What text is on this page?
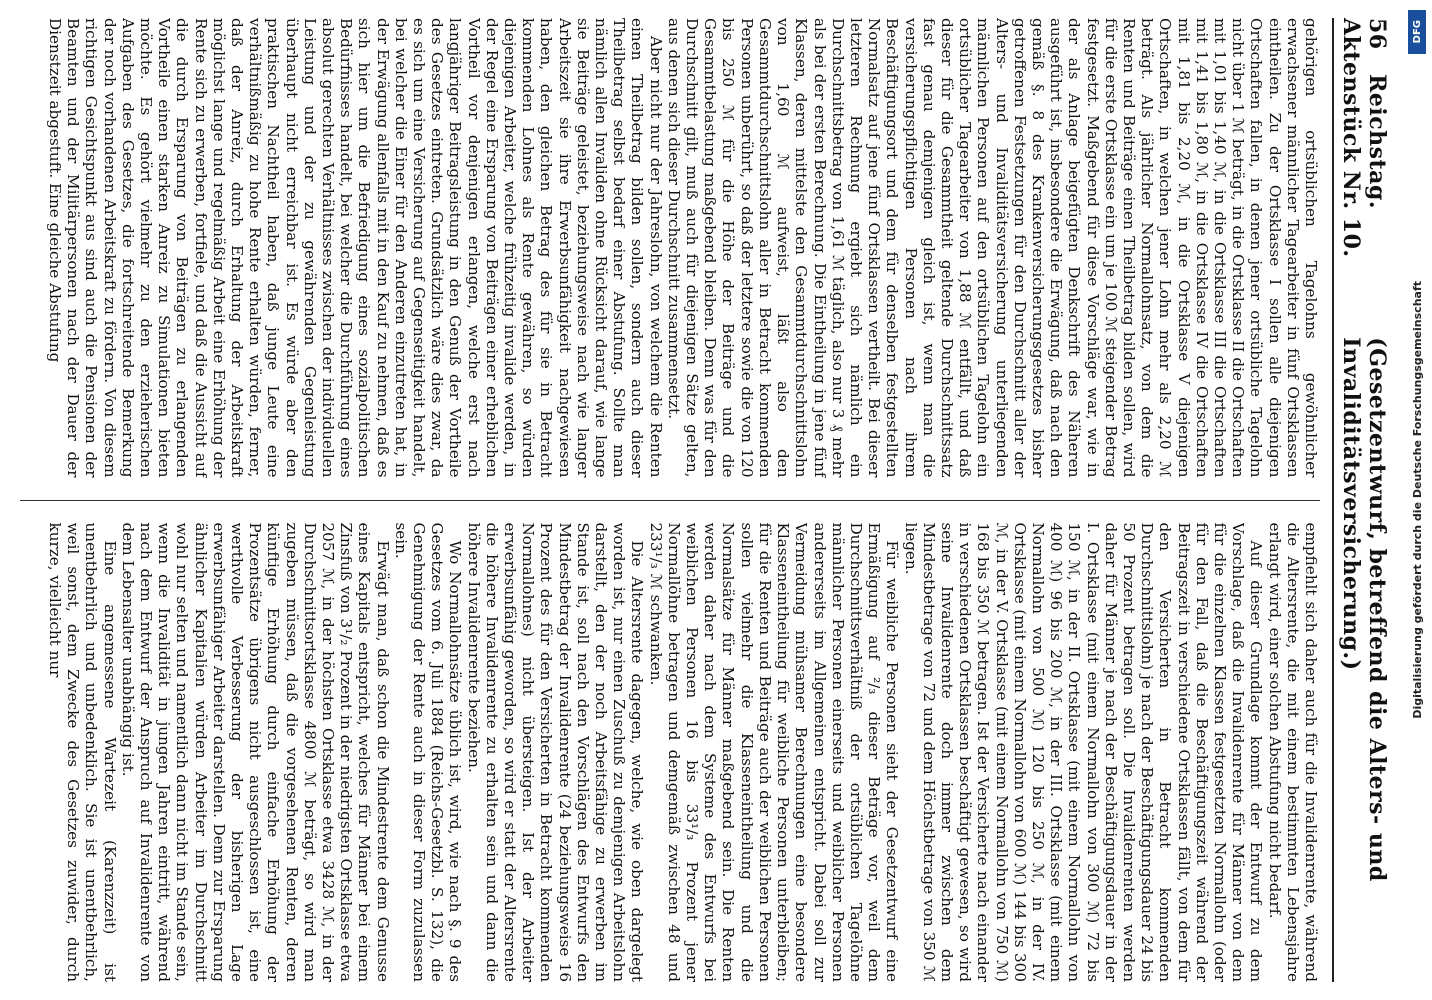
56   Reichstag. Aktenstück Nr. 10.
(Gesetzentwurf, betreffend die Alters- und Invaliditätsversicherung.)

gehörigen ortsüblichen Tagelohns gewöhnlicher erwachsener männlicher Tagearbeiter in fünf Ortsklassen eintheilen. Zu der Ortsklasse I sollen alle diejenigen Ortschaften fallen, in denen jener ortsübliche Tagelohn nicht über 1 ℳ beträgt, in die Ortsklasse II die Ortschaften mit 1,01 bis 1,40 ℳ, in die Ortsklasse III die Ortschaften mit 1,41 bis 1,80 ℳ, in die Ortsklasse IV die Ortschaften mit 1,81 bis 2,20 ℳ, in die Ortsklasse V diejenigen Ortschaften, in welchen jener Lohn mehr als 2,20 ℳ beträgt. Als jährlicher Normallohnsatz, von dem die Renten und Beiträge einen Theilbetrag bilden sollen, wird für die erste Ortsklasse ein um je 100 ℳ steigender Betrag festgesetzt. Maßgebend für diese Vorschläge war, wie in der als Anlage beigefügten Denkschrift des Näheren ausgeführt ist, insbesondere die Erwägung, daß nach den gemäß §. 8 des Krankenversicherungsgesetzes bisher getroffenen Festsetzungen für den Durchschnitt aller der Alters- und Invaliditätsversicherung unterliegenden männlichen Personen auf den ortsüblichen Tagelohn ein ortsüblicher Tagearbeiter von 1,88 ℳ entfällt, und daß dieser für die Gesammtheit geltende Durchschnittssatz fast genau demjenigen gleich ist, wenn man die versicherungspflichtigen Personen nach ihrem Beschäftigungsort und dem für denselben festgestellten Normalsatz auf jene fünf Ortsklassen vertheilt. Bei dieser letzteren Rechnung ergiebt sich nämlich ein Durchschnittsbetrag von 1,61 ℳ täglich, also nur 3 ₰ mehr als bei der ersten Berechnung. Die Eintheilung in jene fünf Klassen, deren mittelste den Gesammtdurchschnittslohn von 1,60 ℳ aufweist, läßt also den Gesammtdurchschnittslohn aller in Betracht kommenden Personen unberührt, so daß der letztere sowie die von 120 bis 250 ℳ für die Höhe der Beiträge und die Gesammtbelastung maßgebend bleiben. Denn was für den Durchschnitt gilt, muß auch für diejenigen Sätze gelten, aus denen sich dieser Durchschnitt zusammensetzt.

Aber nicht nur der Jahreslohn, von welchem die Renten einen Theilbetrag bilden sollen, sondern auch dieser Theilbetrag selbst bedarf einer Abstufung. Sollte man nämlich allen Invaliden ohne Rücksicht darauf, wie lange sie Beiträge geleistet, beziehungsweise nach wie langer Arbeitszeit sie ihre Erwerbsunfähigkeit nachgewiesen haben, den gleichen Betrag des für sie in Betracht kommenden Lohnes als Rente gewähren, so würden diejenigen Arbeiter, welche frühzeitig invalide werden, in der Regel eine Ersparung von Beiträgen einer erheblichen Vortheil vor denjenigen erlangen, welche erst nach langjähriger Beitragsleistung in den Genuß der Vortheile des Gesetzes eintreten. Grundsätzlich wäre dies zwar, da es sich um eine Versicherung auf Gegenseitigkeit handelt, bei welcher die Einer für den Anderen einzutreten hat, in der Erwägung allenfalls mit in den Kauf zu nehmen, daß es sich hier um die Befriedigung eines sozialpolitischen Bedürfnisses handelt, bei welcher die Durchführung eines absolut gerechten Verhältnisses zwischen der individuellen Leistung und der zu gewährenden Gegenleistung überhaupt nicht erreichbar ist. Es würde aber den praktischen Nachtheil haben, daß junge Leute eine verhältnißmäßig zu hohe Rente erhalten würden, ferner, daß der Anreiz, durch Erhaltung der Arbeitskraft möglichst lange und regelmäßig Arbeit eine Erhöhung der Rente sich zu erwerben, fortfiele, und daß die Aussicht auf die durch Ersparung von Beiträgen zu erlangenden Vortheile einen starken Anreiz zu Simulationen bieten möchte. Es gehört vielmehr zu den erzieherischen Aufgaben des Gesetzes, die fortschreitende Bemerkung der noch vorhandenen Arbeitskraft zu fördern. Von diesem richtigen Gesichtspunkt aus sind auch die Pensionen der Beamten und der Militärpersonen nach der Dauer der Dienstzeit abgestuft. Eine gleiche Abstufung

empfiehlt sich daher auch für die Invalidenrente, während die Altersrente, die mit einem bestimmten Lebensjahre erlangt wird, einer solchen Abstufung nicht bedarf.

Auf dieser Grundlage kommt der Entwurf zu dem Vorschlage, daß die Invalidenrente für Männer von dem für die einzelnen Klassen festgesetzten Normallohn (oder für den Fall, daß die Beschäftigungszeit während der Beitragszeit in verschiedene Ortsklassen fällt, von dem für den Versicherten in Betracht kommenden Durchschnittslohn) je nach der Beschäftigungsdauer 24 bis 50 Prozent betragen soll. Die Invalidenrenten werden daher für Männer je nach der Beschäftigungsdauer in der I. Ortsklasse (mit einem Normallohn von 300 ℳ) 72 bis 150 ℳ, in der II. Ortsklasse (mit einem Normallohn von 400 ℳ) 96 bis 200 ℳ, in der III. Ortsklasse (mit einem Normallohn von 500 ℳ) 120 bis 250 ℳ, in der IV. Ortsklasse (mit einem Normallohn von 600 ℳ) 144 bis 300 ℳ, in der V. Ortsklasse (mit einem Normallohn von 750 ℳ) 168 bis 350 ℳ betragen. Ist der Versicherte nach einander in verschiedenen Ortsklassen beschäftigt gewesen, so wird seine Invalidenrente doch immer zwischen dem Mindestbetrage von 72 und dem Höchstbetrage von 350 ℳ liegen.

Für weibliche Personen sieht der Gesetzentwurf eine Ermäßigung auf ²/₃ dieser Beträge vor, weil dem Durchschnittsverhältniß der ortsüblichen Tagelöhne männlicher Personen einerseits und weiblicher Personen andererseits im Allgemeinen entspricht. Dabei soll zur Vermeidung mühsamer Berechnungen eine besondere Klasseneintheilung für weibliche Personen unterbleiben; für die Renten und Beiträge auch der weiblichen Personen sollen vielmehr die Klasseneintheilung und die Normalsätze für Männer maßgebend sein. Die Renten werden daher nach dem Systeme des Entwurfs bei weiblichen Personen 16 bis 33¹/₃ Prozent jener Normallöhne betragen und demgemäß zwischen 48 und 233¹/₃ ℳ schwanken.

Die Altersrente dagegen, welche, wie oben dargelegt worden ist, nur einen Zuschuß zu demjenigen Arbeitslohn darstellt, den der noch Arbeitsfähige zu erwerben im Stande ist, soll nach den Vorschlägen des Entwurfs den Mindestbetrag der Invalidenrente (24 beziehungsweise 16 Prozent des für den Versicherten in Betracht kommenden Normallohnes) nicht übersteigen. Ist der Arbeiter erwerbsunfähig geworden, so wird er statt der Altersrente die höhere Invalidenrente zu erhalten sein und dann die höhere Invalidenrente beziehen.

Wo Normallohnsätze üblich ist, wird, wie nach §. 9 des Gesetzes vom 6. Juli 1884 (Reichs-Gesetzbl. S. 132), die Genehmigung der Rente auch in dieser Form zuzulassen sein.

Erwägt man, daß schon die Mindestrente dem Genusse eines Kapitals entspricht, welches für Männer bei einem Zinsfuß von 3¹/₂ Prozent in der niedrigsten Ortsklasse etwa 2057 ℳ, in der höchsten Ortsklasse etwa 3428 ℳ, in der Durchschnittsortsklasse 4800 ℳ beträgt, so wird man zugeben müssen, daß die vorgesehenen Renten, deren künftige Erhöhung durch einfache Erhöhung der Prozentsätze übrigens nicht ausgeschlossen ist, eine werthvolle Verbesserung der bisherigen Lage erwerbsunfähiger Arbeiter darstellen. Denn zur Ersparung ähnlicher Kapitalien würden Arbeiter im Durchschnitt wohl nur selten und namentlich dann nicht im Stande sein, wenn die Invalidität in jungen Jahren eintritt, während nach dem Entwurf der Anspruch auf Invalidenrente von dem Lebensalter unabhängig ist.

Eine angemessene Wartezeit (Karenzzeit) ist unentbehrlich und unbedenklich. Sie ist unentbehrlich, weil sonst, dem Zwecke des Gesetzes zuwider, durch kurze, vielleicht nur

DFG
Digitalisierung gefördert durch die Deutsche Forschungsgemeinschaft
